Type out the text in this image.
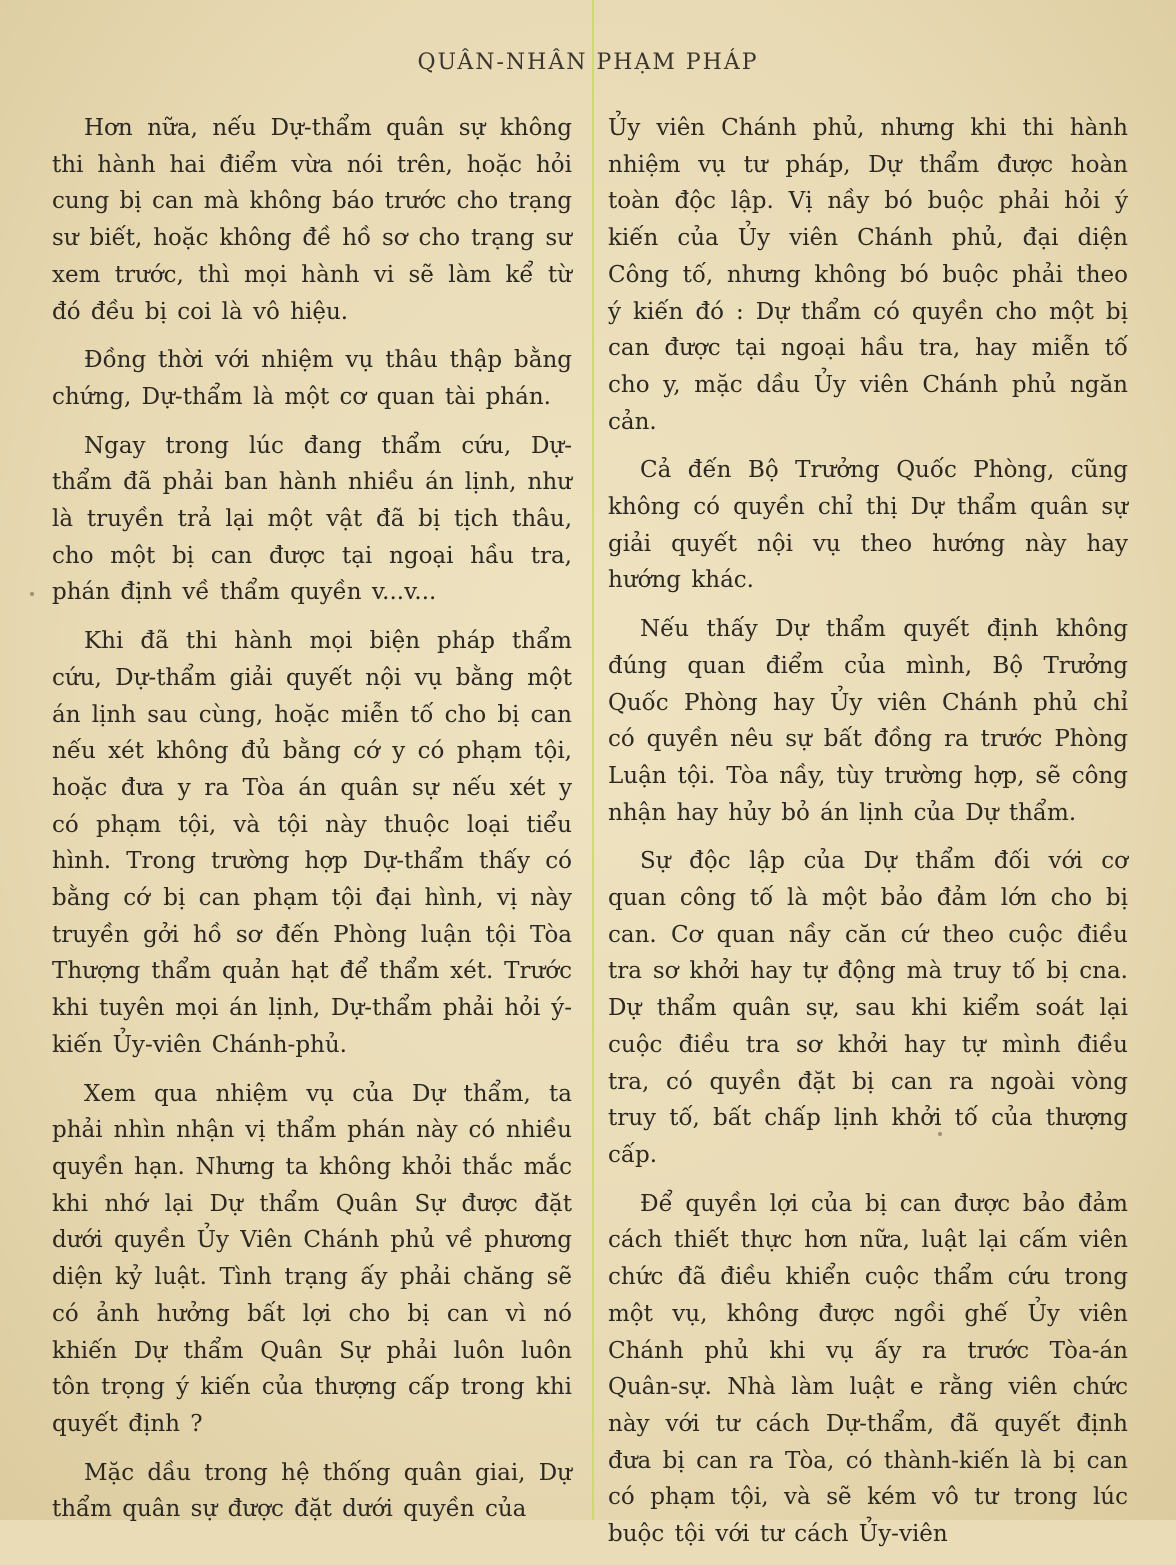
QUÂN-NHÂN PHẠM PHÁP

Hơn nữa, nếu Dự-thẩm quân sự không thi hành hai điểm vừa nói trên, hoặc hỏi cung bị can mà không báo trước cho trạng sư biết, hoặc không đề hồ sơ cho trạng sư xem trước, thì mọi hành vi sẽ làm kể từ đó đều bị coi là vô hiệu.

Đồng thời với nhiệm vụ thâu thập bằng chứng, Dự-thẩm là một cơ quan tài phán.

Ngay trong lúc đang thẩm cứu, Dự-thẩm đã phải ban hành nhiều án lịnh, như là truyền trả lại một vật đã bị tịch thâu, cho một bị can được tại ngoại hầu tra, phán định về thẩm quyền v...v...

Khi đã thi hành mọi biện pháp thẩm cứu, Dự-thẩm giải quyết nội vụ bằng một án lịnh sau cùng, hoặc miễn tố cho bị can nếu xét không đủ bằng cớ y có phạm tội, hoặc đưa y ra Tòa án quân sự nếu xét y có phạm tội, và tội này thuộc loại tiểu hình. Trong trường hợp Dự-thẩm thấy có bằng cớ bị can phạm tội đại hình, vị này truyền gởi hồ sơ đến Phòng luận tội Tòa Thượng thẩm quản hạt để thẩm xét. Trước khi tuyên mọi án lịnh, Dự-thẩm phải hỏi ý-kiến Ủy-viên Chánh-phủ.

Xem qua nhiệm vụ của Dự thẩm, ta phải nhìn nhận vị thẩm phán này có nhiều quyền hạn. Nhưng ta không khỏi thắc mắc khi nhớ lại Dự thẩm Quân Sự được đặt dưới quyền Ủy Viên Chánh phủ về phương diện kỷ luật. Tình trạng ấy phải chăng sẽ có ảnh hưởng bất lợi cho bị can vì nó khiến Dự thẩm Quân Sự phải luôn luôn tôn trọng ý kiến của thượng cấp trong khi quyết định ?

Mặc dầu trong hệ thống quân giai, Dự thẩm quân sự được đặt dưới quyền của

Ủy viên Chánh phủ, nhưng khi thi hành nhiệm vụ tư pháp, Dự thẩm được hoàn toàn độc lập. Vị nầy bó buộc phải hỏi ý kiến của Ủy viên Chánh phủ, đại diện Công tố, nhưng không bó buộc phải theo ý kiến đó : Dự thẩm có quyền cho một bị can được tại ngoại hầu tra, hay miễn tố cho y, mặc dầu Ủy viên Chánh phủ ngăn cản.

Cả đến Bộ Trưởng Quốc Phòng, cũng không có quyền chỉ thị Dự thẩm quân sự giải quyết nội vụ theo hướng này hay hướng khác.

Nếu thấy Dự thẩm quyết định không đúng quan điểm của mình, Bộ Trưởng Quốc Phòng hay Ủy viên Chánh phủ chỉ có quyền nêu sự bất đồng ra trước Phòng Luận tội. Tòa nầy, tùy trường hợp, sẽ công nhận hay hủy bỏ án lịnh của Dự thẩm.

Sự độc lập của Dự thẩm đối với cơ quan công tố là một bảo đảm lớn cho bị can. Cơ quan nầy căn cứ theo cuộc điều tra sơ khởi hay tự động mà truy tố bị cna. Dự thẩm quân sự, sau khi kiểm soát lại cuộc điều tra sơ khởi hay tự mình điều tra, có quyền đặt bị can ra ngoài vòng truy tố, bất chấp lịnh khởi tố của thượng cấp.

Để quyền lợi của bị can được bảo đảm cách thiết thực hơn nữa, luật lại cấm viên chức đã điều khiển cuộc thẩm cứu trong một vụ, không được ngồi ghế Ủy viên Chánh phủ khi vụ ấy ra trước Tòa-án Quân-sự. Nhà làm luật e rằng viên chức này với tư cách Dự-thẩm, đã quyết định đưa bị can ra Tòa, có thành-kiến là bị can có phạm tội, và sẽ kém vô tư trong lúc buộc tội với tư cách Ủy-viên
